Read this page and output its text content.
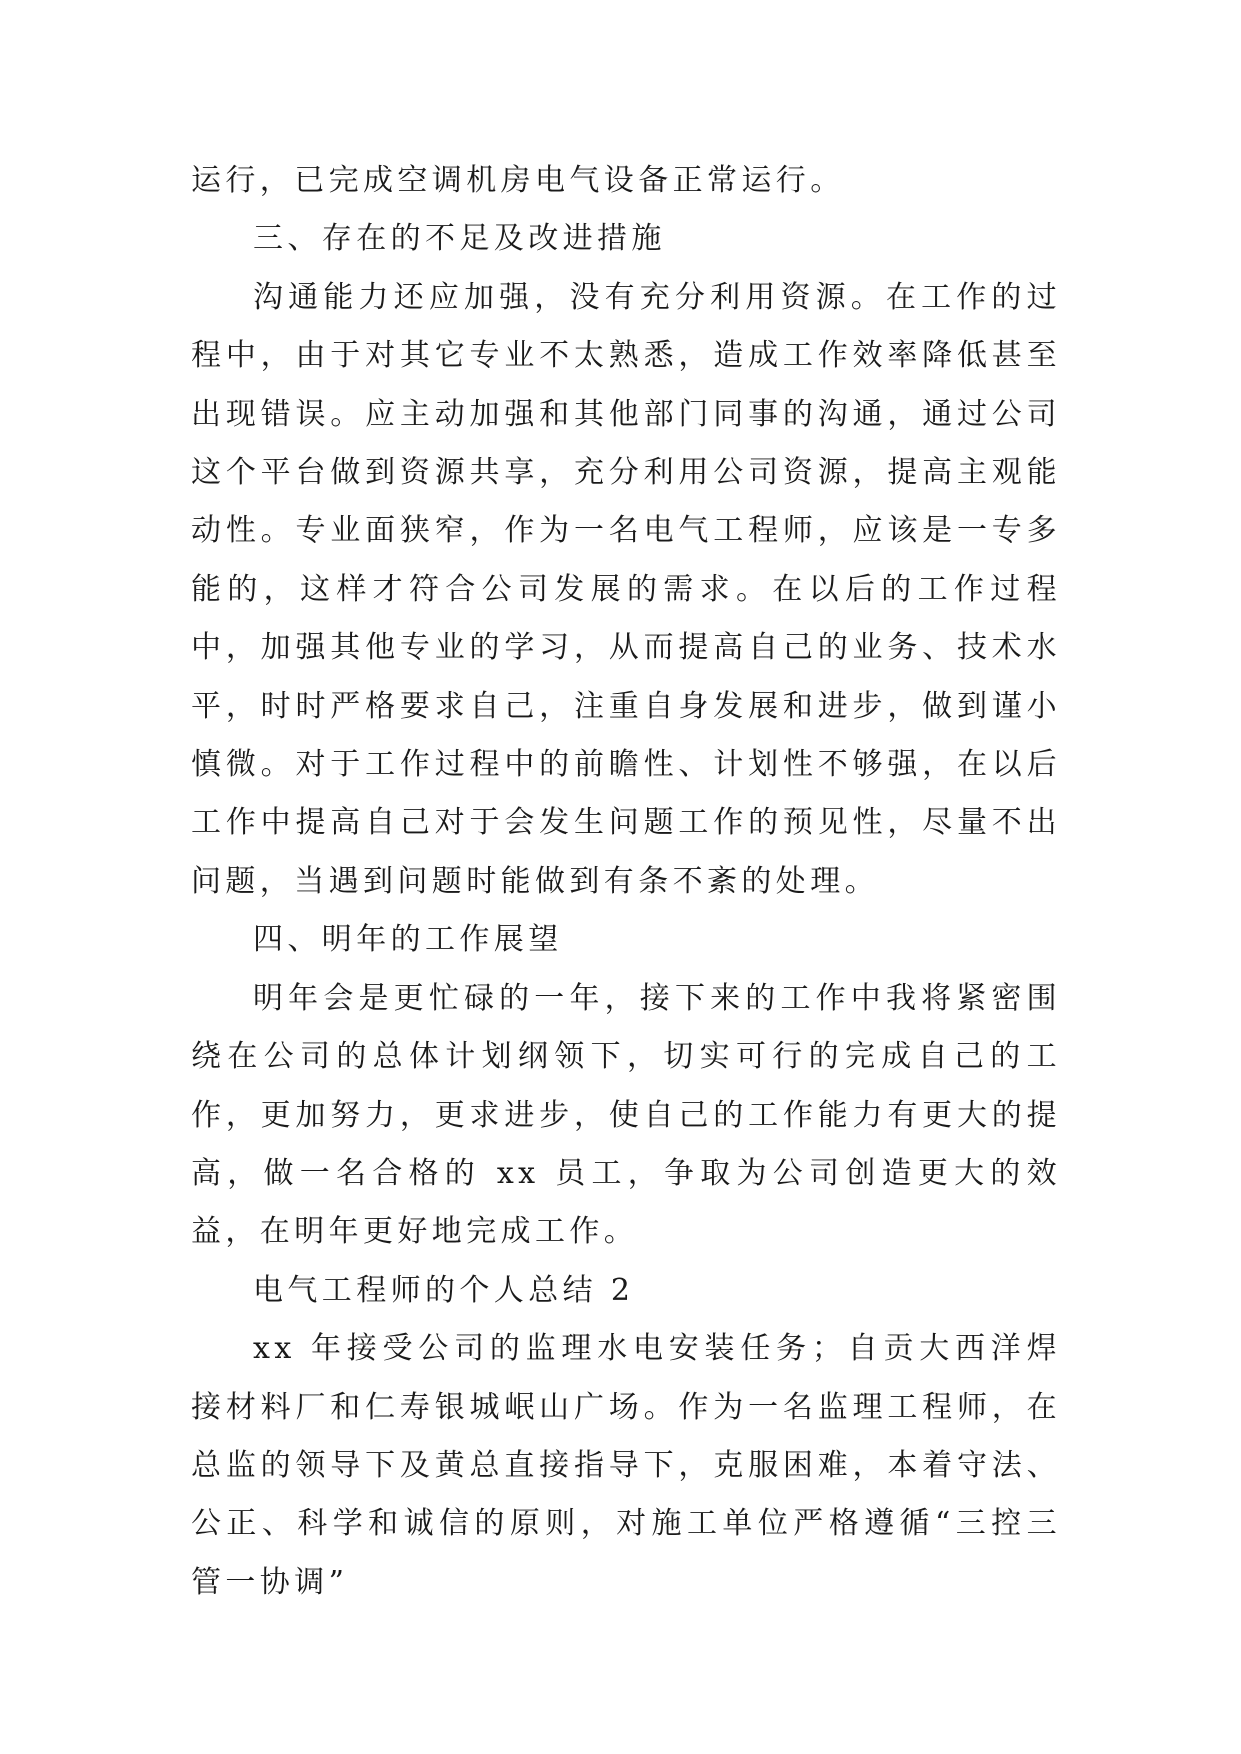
运行，已完成空调机房电气设备正常运行。

三、存在的不足及改进措施

沟通能力还应加强，没有充分利用资源。在工作的过程中，由于对其它专业不太熟悉，造成工作效率降低甚至出现错误。应主动加强和其他部门同事的沟通，通过公司这个平台做到资源共享，充分利用公司资源，提高主观能动性。专业面狭窄，作为一名电气工程师，应该是一专多能的，这样才符合公司发展的需求。在以后的工作过程中，加强其他专业的学习，从而提高自己的业务、技术水平，时时严格要求自己，注重自身发展和进步，做到谨小慎微。对于工作过程中的前瞻性、计划性不够强，在以后工作中提高自己对于会发生问题工作的预见性，尽量不出问题，当遇到问题时能做到有条不紊的处理。

四、明年的工作展望

明年会是更忙碌的一年，接下来的工作中我将紧密围绕在公司的总体计划纲领下，切实可行的完成自己的工作，更加努力，更求进步，使自己的工作能力有更大的提高，做一名合格的 xx 员工，争取为公司创造更大的效益，在明年更好地完成工作。

电气工程师的个人总结 2

xx 年接受公司的监理水电安装任务；自贡大西洋焊接材料厂和仁寿银城岷山广场。作为一名监理工程师，在总监的领导下及黄总直接指导下，克服困难，本着守法、公正、科学和诚信的原则，对施工单位严格遵循“三控三管一协调”
